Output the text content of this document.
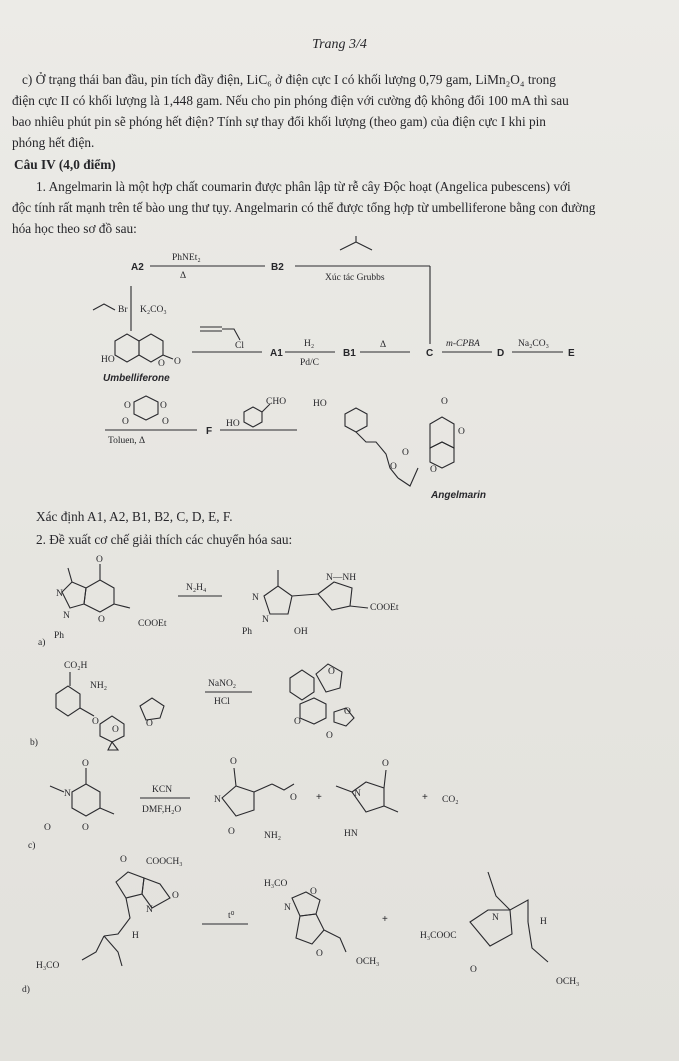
Trang 3/4
c) Ở trạng thái ban đầu, pin tích đầy điện, LiC₆ ở điện cực I có khối lượng 0,79 gam, LiMn₂O₄ trong
điện cực II có khối lượng là 1,448 gam. Nếu cho pin phóng điện với cường độ không đổi 100 mA thì sau
bao nhiêu phút pin sẽ phóng hết điện? Tính sự thay đổi khối lượng (theo gam) của điện cực I khi pin
phóng hết điện.
Câu IV (4,0 điểm)
1. Angelmarin là một hợp chất coumarin được phân lập từ rễ cây Độc hoạt (Angelica pubescens) với
độc tính rất mạnh trên tế bào ung thư tụy. Angelmarin có thể được tổng hợp từ umbelliferone bằng con đường
hóa học theo sơ đồ sau:
A2
PhNEt₂
Δ
B2
Xúc tác Grubbs
Br K₂CO₃
HO	O O
Umbelliferone
Cl
A1
H₂
Pd/C
B1
Δ
C
m-CPBA
D
Na₂CO₃
E
O	O
O	O
Toluen, Δ
F
CHO
HO
HO
O
O
O
O
O
Angelmarin
Xác định A1, A2, B1, B2, C, D, E, F.
2. Đề xuất cơ chế giải thích các chuyển hóa sau:
O
N
N	O	COOEt
Ph
a)
N₂H₄
N
N
N—NH
COOEt
Ph	OH
CO₂H
NH₂
O	O
O
b)
NaNO₂
HCl
O
O
O
O
O
N
O	O
c)
KCN
DMF,H₂O
O
N	O
O	NH₂
+
O
N
HN
+ CO₂
O COOCH₃
N
O
H
H₃CO
d)
t⁰
H₃CO
O
N
O
OCH₃
+	N	H
H₃COOC
O
OCH₃
